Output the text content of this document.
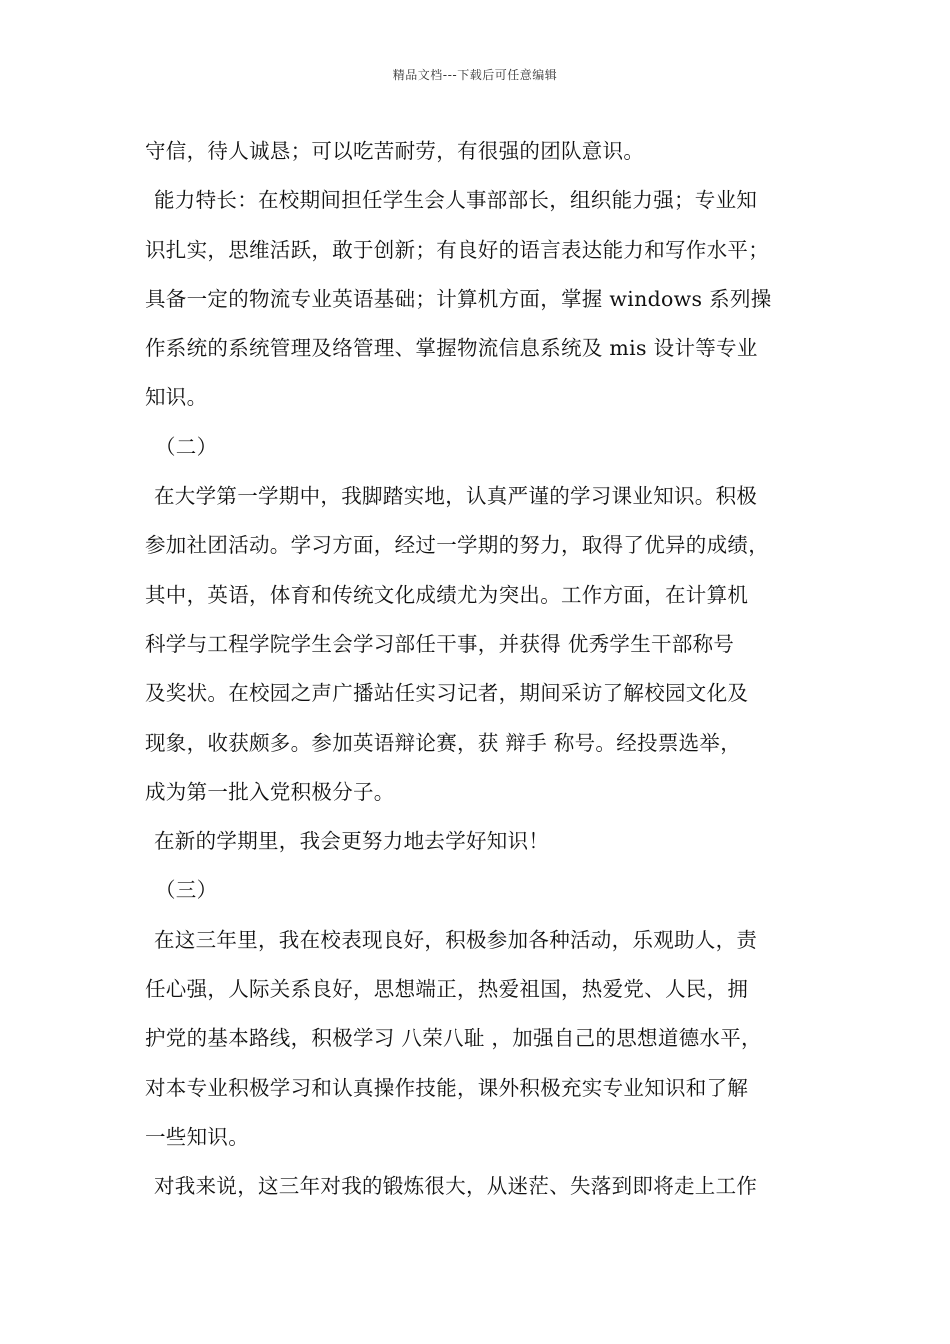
精品文档---下载后可任意编辑
守信，待人诚恳；可以吃苦耐劳，有很强的团队意识。
能力特长：在校期间担任学生会人事部部长，组织能力强；专业知
识扎实，思维活跃，敢于创新；有良好的语言表达能力和写作水平；
具备一定的物流专业英语基础；计算机方面，掌握 windows 系列操
作系统的系统管理及络管理、掌握物流信息系统及 mis 设计等专业
知识。
（二）
在大学第一学期中，我脚踏实地，认真严谨的学习课业知识。积极
参加社团活动。学习方面，经过一学期的努力，取得了优异的成绩，
其中，英语，体育和传统文化成绩尤为突出。工作方面，在计算机
科学与工程学院学生会学习部任干事，并获得 优秀学生干部称号
及奖状。在校园之声广播站任实习记者，期间采访了解校园文化及
现象，收获颇多。参加英语辩论赛，获 辩手 称号。经投票选举，
成为第一批入党积极分子。
在新的学期里，我会更努力地去学好知识！
（三）
在这三年里，我在校表现良好，积极参加各种活动，乐观助人，责
任心强，人际关系良好，思想端正，热爱祖国，热爱党、人民，拥
护党的基本路线，积极学习 八荣八耻 ，加强自己的思想道德水平，
对本专业积极学习和认真操作技能，课外积极充实专业知识和了解
一些知识。
对我来说，这三年对我的锻炼很大，从迷茫、失落到即将走上工作
